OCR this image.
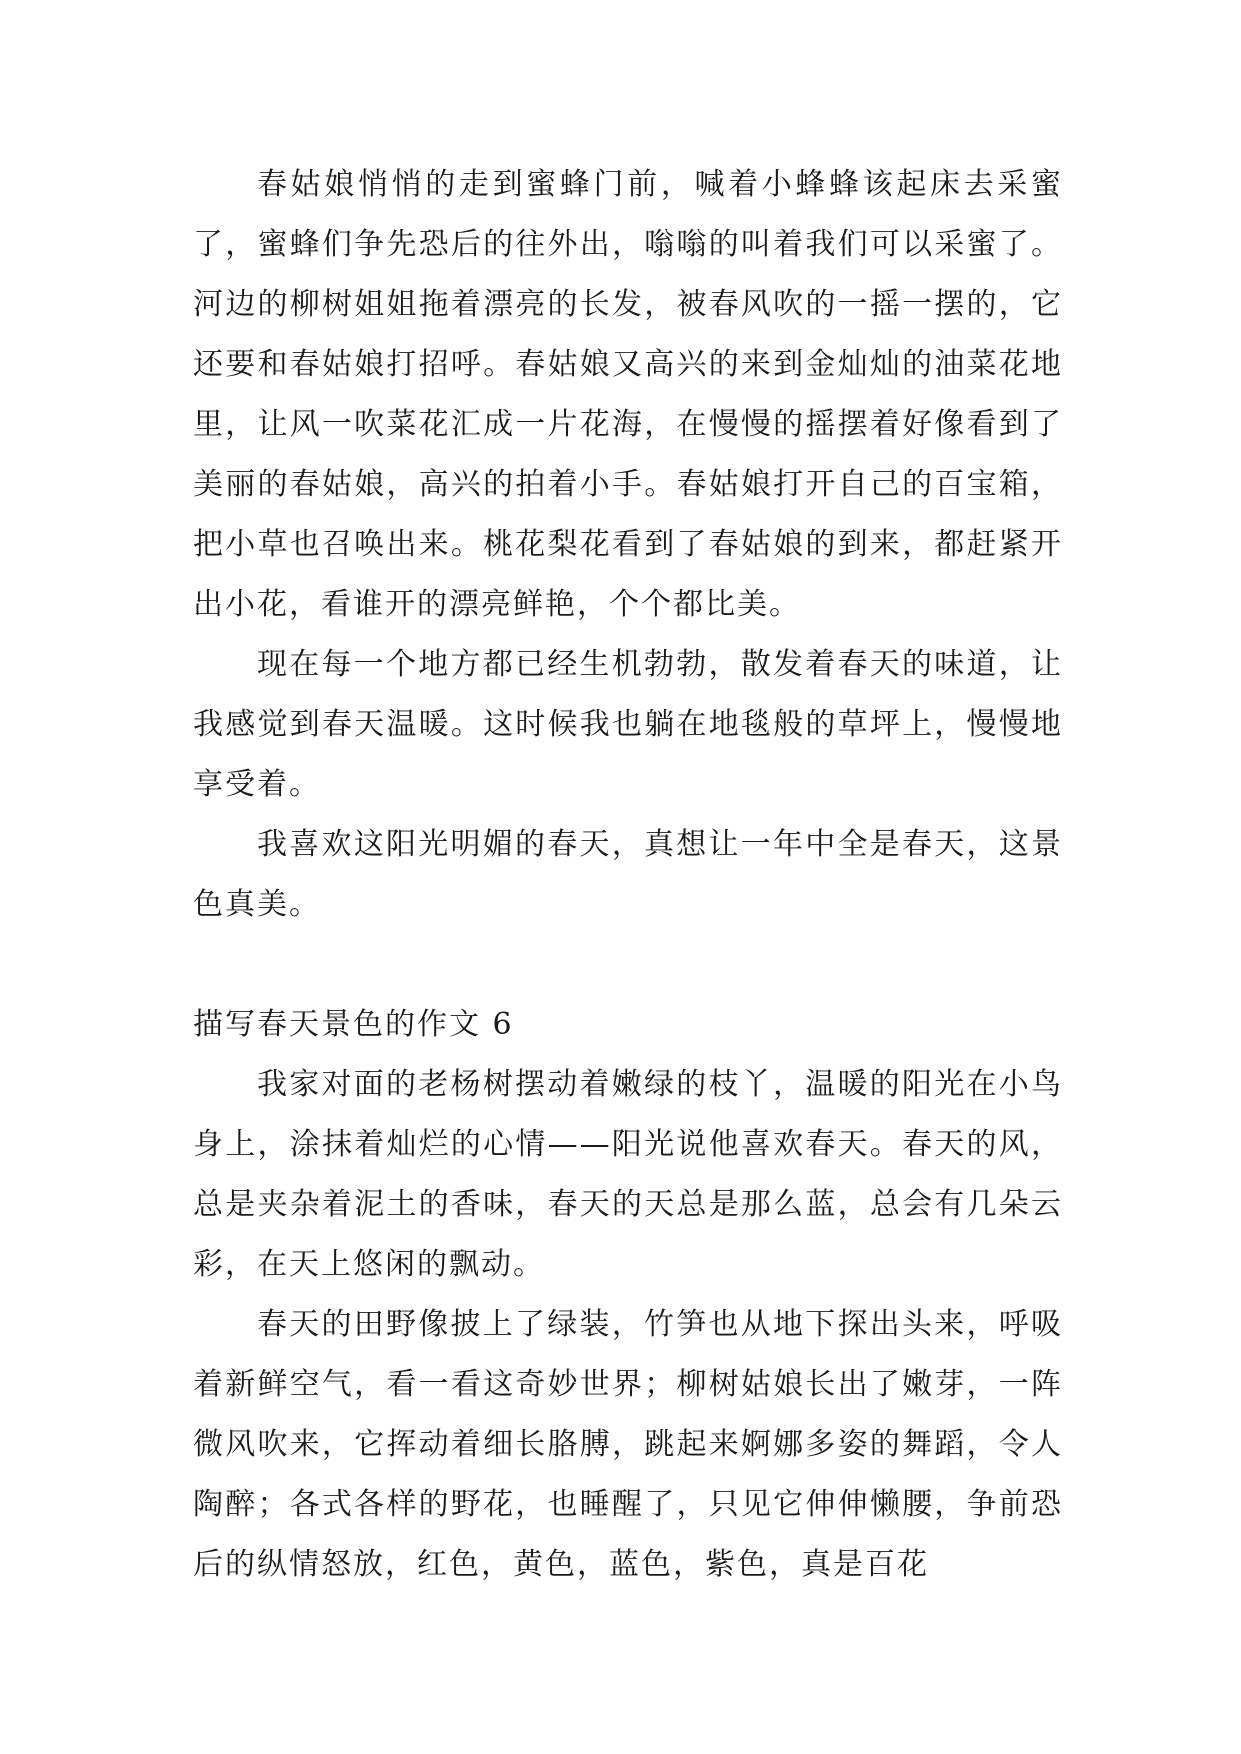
春姑娘悄悄的走到蜜蜂门前，喊着小蜂蜂该起床去采蜜了，蜜蜂们争先恐后的往外出，嗡嗡的叫着我们可以采蜜了。河边的柳树姐姐拖着漂亮的长发，被春风吹的一摇一摆的，它还要和春姑娘打招呼。春姑娘又高兴的来到金灿灿的油菜花地里，让风一吹菜花汇成一片花海，在慢慢的摇摆着好像看到了美丽的春姑娘，高兴的拍着小手。春姑娘打开自己的百宝箱，把小草也召唤出来。桃花梨花看到了春姑娘的到来，都赶紧开出小花，看谁开的漂亮鲜艳，个个都比美。

现在每一个地方都已经生机勃勃，散发着春天的味道，让我感觉到春天温暖。这时候我也躺在地毯般的草坪上，慢慢地享受着。

我喜欢这阳光明媚的春天，真想让一年中全是春天，这景色真美。

描写春天景色的作文 6

我家对面的老杨树摆动着嫩绿的枝丫，温暖的阳光在小鸟身上，涂抹着灿烂的心情——阳光说他喜欢春天。春天的风，总是夹杂着泥土的香味，春天的天总是那么蓝，总会有几朵云彩，在天上悠闲的飘动。

春天的田野像披上了绿装，竹笋也从地下探出头来，呼吸着新鲜空气，看一看这奇妙世界；柳树姑娘长出了嫩芽，一阵微风吹来，它挥动着细长胳膊，跳起来婀娜多姿的舞蹈，令人陶醉；各式各样的野花，也睡醒了，只见它伸伸懒腰，争前恐后的纵情怒放，红色，黄色，蓝色，紫色，真是百花
